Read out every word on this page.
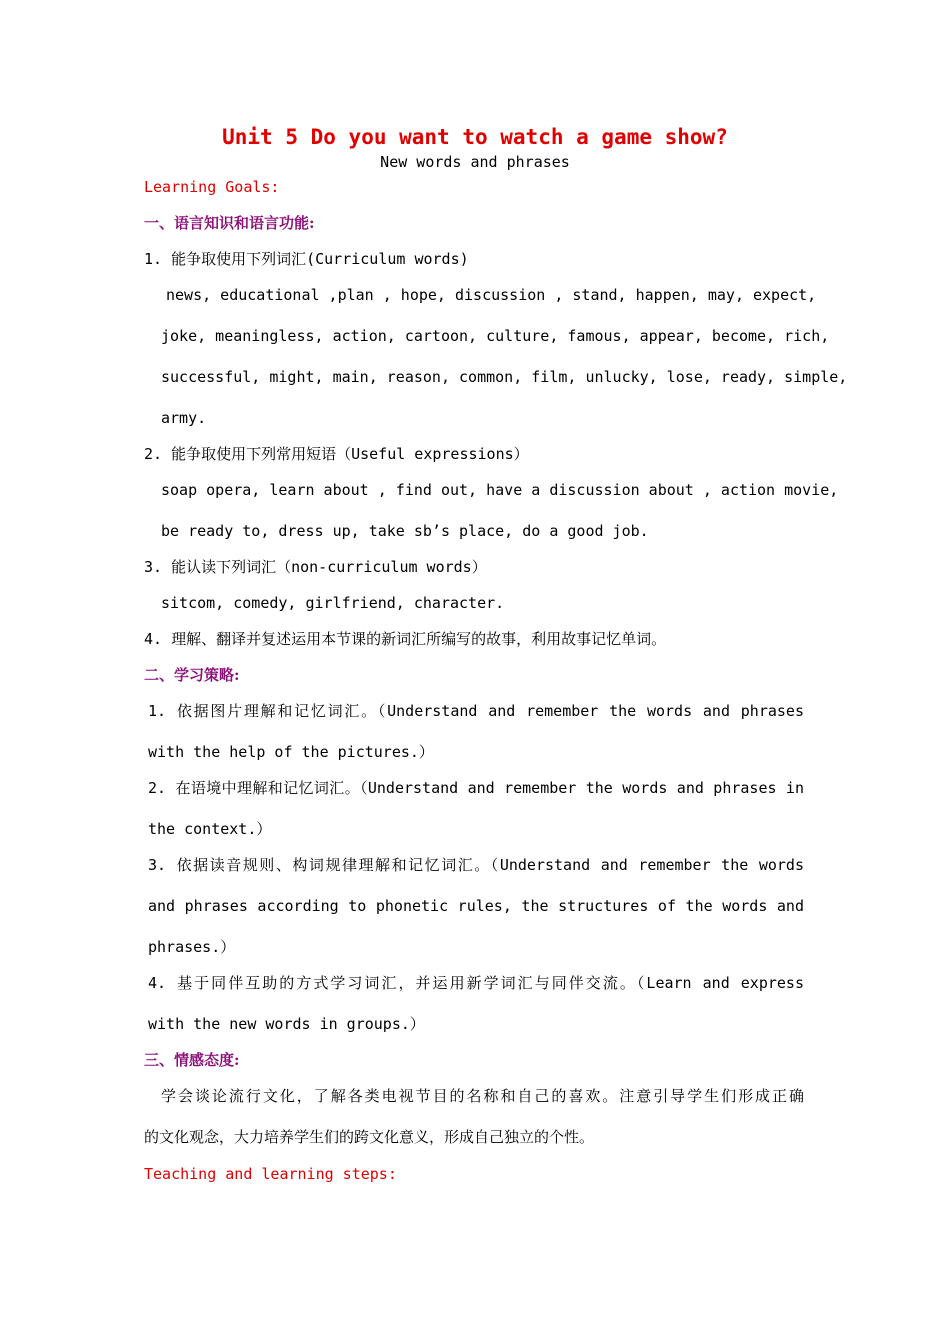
Unit 5 Do you want to watch a game show?
New words and phrases
Learning Goals:
一、语言知识和语言功能:
1. 能争取使用下列词汇(Curriculum words)
news, educational ,plan , hope, discussion , stand, happen, may, expect,
joke, meaningless, action, cartoon, culture, famous, appear, become, rich,
successful, might, main, reason, common, film, unlucky, lose, ready, simple,
army.
2. 能争取使用下列常用短语（Useful expressions）
soap opera, learn about , find out, have a discussion about , action movie,
be ready to, dress up, take sb’s place, do a good job.
3. 能认读下列词汇（non-curriculum words）
sitcom, comedy, girlfriend, character.
4. 理解、翻译并复述运用本节课的新词汇所编写的故事，利用故事记忆单词。
二、学习策略:
1. 依据图片理解和记忆词汇。（Understand and remember the words and phrases
with the help of the pictures.）
2. 在语境中理解和记忆词汇。（Understand and remember the words and phrases in
the context.）
3. 依据读音规则、构词规律理解和记忆词汇。（Understand and remember the words
and phrases according to phonetic rules, the structures of the words and
phrases.）
4. 基于同伴互助的方式学习词汇，并运用新学词汇与同伴交流。（Learn and express
with the new words in groups.）
三、情感态度:
学会谈论流行文化，了解各类电视节目的名称和自己的喜欢。注意引导学生们形成正确
的文化观念，大力培养学生们的跨文化意义，形成自己独立的个性。
Teaching and learning steps:
